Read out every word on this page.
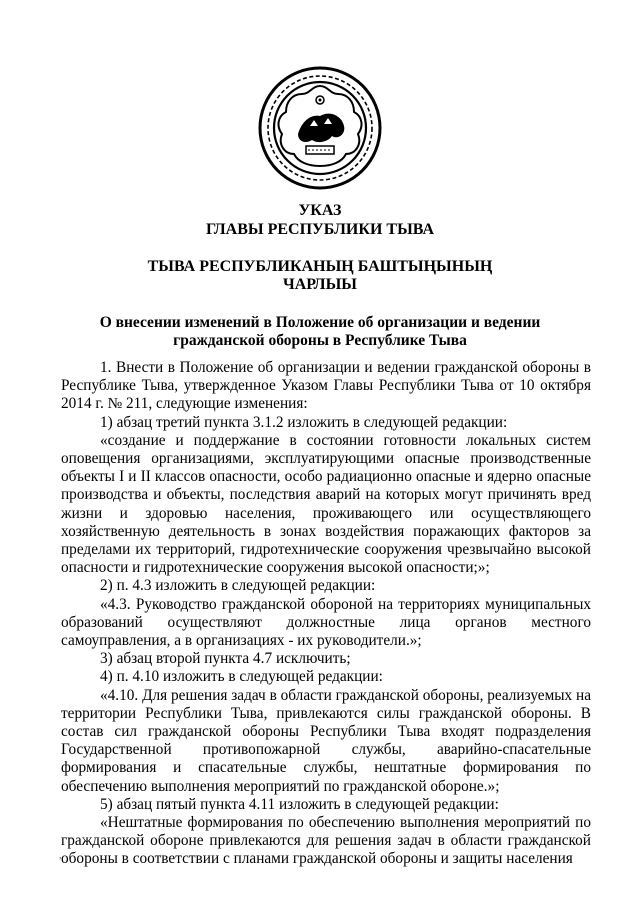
УКАЗ
ГЛАВЫ РЕСПУБЛИКИ ТЫВА
ТЫВА РЕСПУБЛИКАНЫҢ БАШТЫҢЫНЫҢ
ЧАРЛЫЫ
О внесении изменений в Положение об организации и ведении
гражданской обороны в Республике Тыва

1. Внести в Положение об организации и ведении гражданской обороны в Республике Тыва, утвержденное Указом Главы Республики Тыва от 10 октября 2014 г. № 211, следующие изменения:

1) абзац третий пункта 3.1.2 изложить в следующей редакции:

«создание и поддержание в состоянии готовности локальных систем оповещения организациями, эксплуатирующими опасные производственные объекты I и II классов опасности, особо радиационно опасные и ядерно опасные производства и объекты, последствия аварий на которых могут причинять вред жизни и здоровью населения, проживающего или осуществляющего хозяйственную деятельность в зонах воздействия поражающих факторов за пределами их территорий, гидротехнические сооружения чрезвычайно высокой опасности и гидротехнические сооружения высокой опасности;»;

2) п. 4.3 изложить в следующей редакции:

«4.3. Руководство гражданской обороной на территориях муниципальных образований осуществляют должностные лица органов местного самоуправления, а в организациях - их руководители.»;

3) абзац второй пункта 4.7 исключить;

4) п. 4.10 изложить в следующей редакции:

«4.10. Для решения задач в области гражданской обороны, реализуемых на территории Республики Тыва, привлекаются силы гражданской обороны. В состав сил гражданской обороны Республики Тыва входят подразделения Государственной противопожарной службы, аварийно-спасательные формирования и спасательные службы, нештатные формирования по обеспечению выполнения мероприятий по гражданской обороне.»;

5) абзац пятый пункта 4.11 изложить в следующей редакции:

«Нештатные формирования по обеспечению выполнения мероприятий по гражданской обороне привлекаются для решения задач в области гражданской обороны в соответствии с планами гражданской обороны и защиты населения

,
